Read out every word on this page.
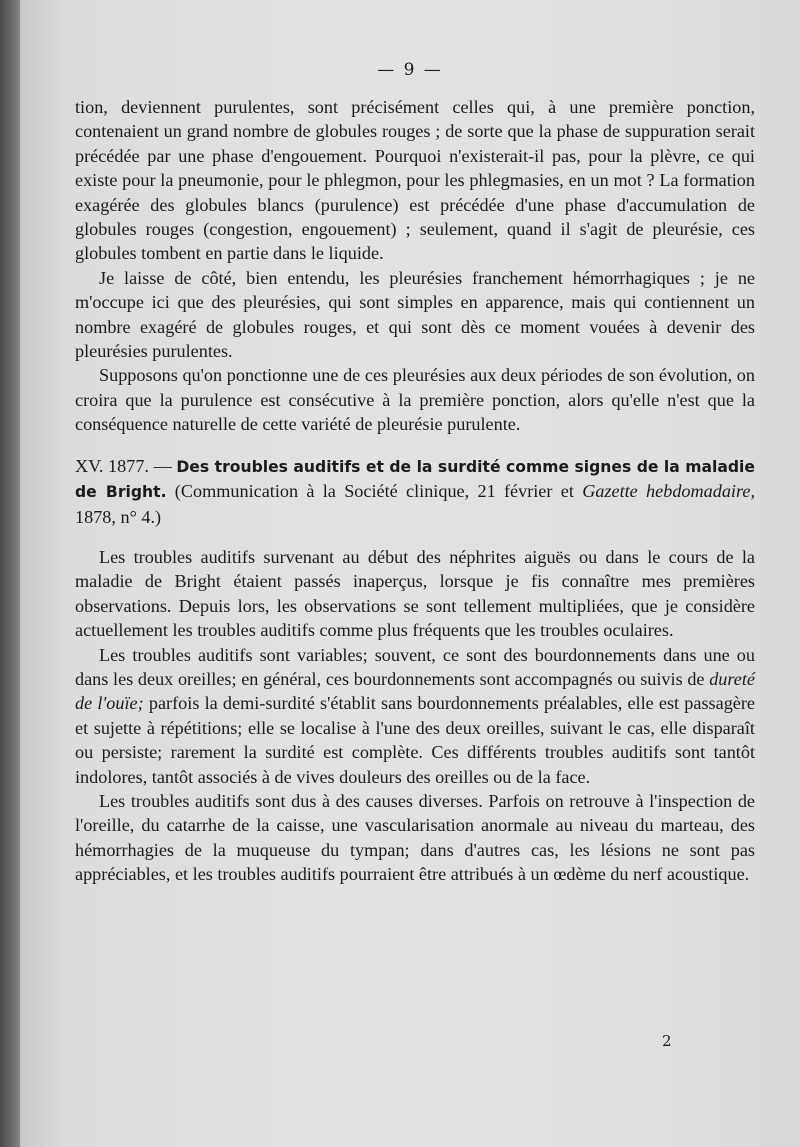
— 9 —

tion, deviennent purulentes, sont précisément celles qui, à une première ponction, contenaient un grand nombre de globules rouges ; de sorte que la phase de suppuration serait précédée par une phase d'engouement. Pourquoi n'existerait-il pas, pour la plèvre, ce qui existe pour la pneumonie, pour le phlegmon, pour les phlegmasies, en un mot ? La formation exagérée des globules blancs (purulence) est précédée d'une phase d'accumulation de globules rouges (congestion, engouement) ; seulement, quand il s'agit de pleurésie, ces globules tombent en partie dans le liquide.

Je laisse de côté, bien entendu, les pleurésies franchement hémorrhagiques ; je ne m'occupe ici que des pleurésies, qui sont simples en apparence, mais qui contiennent un nombre exagéré de globules rouges, et qui sont dès ce moment vouées à devenir des pleurésies purulentes.

Supposons qu'on ponctionne une de ces pleurésies aux deux périodes de son évolution, on croira que la purulence est consécutive à la première ponction, alors qu'elle n'est que la conséquence naturelle de cette variété de pleurésie purulente.

XV. 1877. — Des troubles auditifs et de la surdité comme signes de la maladie de Bright. (Communication à la Société clinique, 21 février et Gazette hebdomadaire, 1878, n° 4.)

Les troubles auditifs survenant au début des néphrites aiguës ou dans le cours de la maladie de Bright étaient passés inaperçus, lorsque je fis connaître mes premières observations. Depuis lors, les observations se sont tellement multipliées, que je considère actuellement les troubles auditifs comme plus fréquents que les troubles oculaires.

Les troubles auditifs sont variables; souvent, ce sont des bourdonnements dans une ou dans les deux oreilles; en général, ces bourdonnements sont accompagnés ou suivis de dureté de l'ouïe; parfois la demi-surdité s'établit sans bourdonnements préalables, elle est passagère et sujette à répétitions; elle se localise à l'une des deux oreilles, suivant le cas, elle disparaît ou persiste; rarement la surdité est complète. Ces différents troubles auditifs sont tantôt indolores, tantôt associés à de vives douleurs des oreilles ou de la face.

Les troubles auditifs sont dus à des causes diverses. Parfois on retrouve à l'inspection de l'oreille, du catarrhe de la caisse, une vascularisation anormale au niveau du marteau, des hémorrhagies de la muqueuse du tympan; dans d'autres cas, les lésions ne sont pas appréciables, et les troubles auditifs pourraient être attribués à un œdème du nerf acoustique.

2
